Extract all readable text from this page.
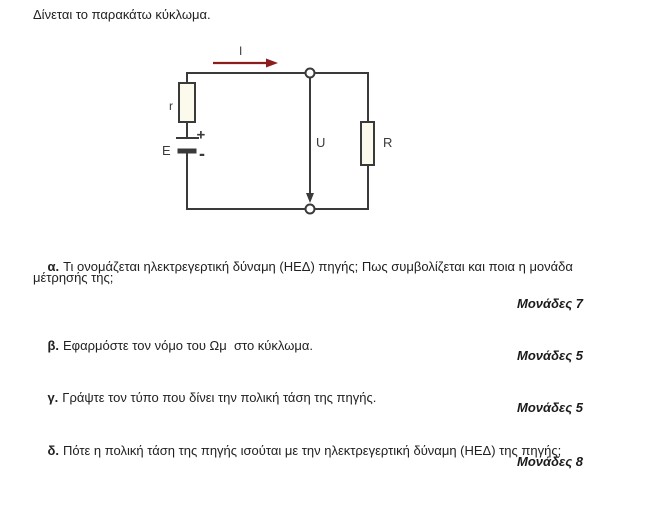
Δίνεται το παρακάτω κύκλωμα.
I
r
E
+
-
U	R

α. Τι ονομάζεται ηλεκτρεγερτική δύναμη (ΗΕΔ) πηγής; Πως συμβολίζεται και ποια η μονάδα

μέτρησής της;
Μονάδες 7

β. Εφαρμόστε τον νόμο του Ωμ  στο κύκλωμα.

Μονάδες 5

γ. Γράψτε τον τύπο που δίνει την πολική τάση της πηγής.

Μονάδες 5

δ. Πότε η πολική τάση της πηγής ισούται με την ηλεκτρεγερτική δύναμη (ΗΕΔ) της πηγής;

Μονάδες 8
